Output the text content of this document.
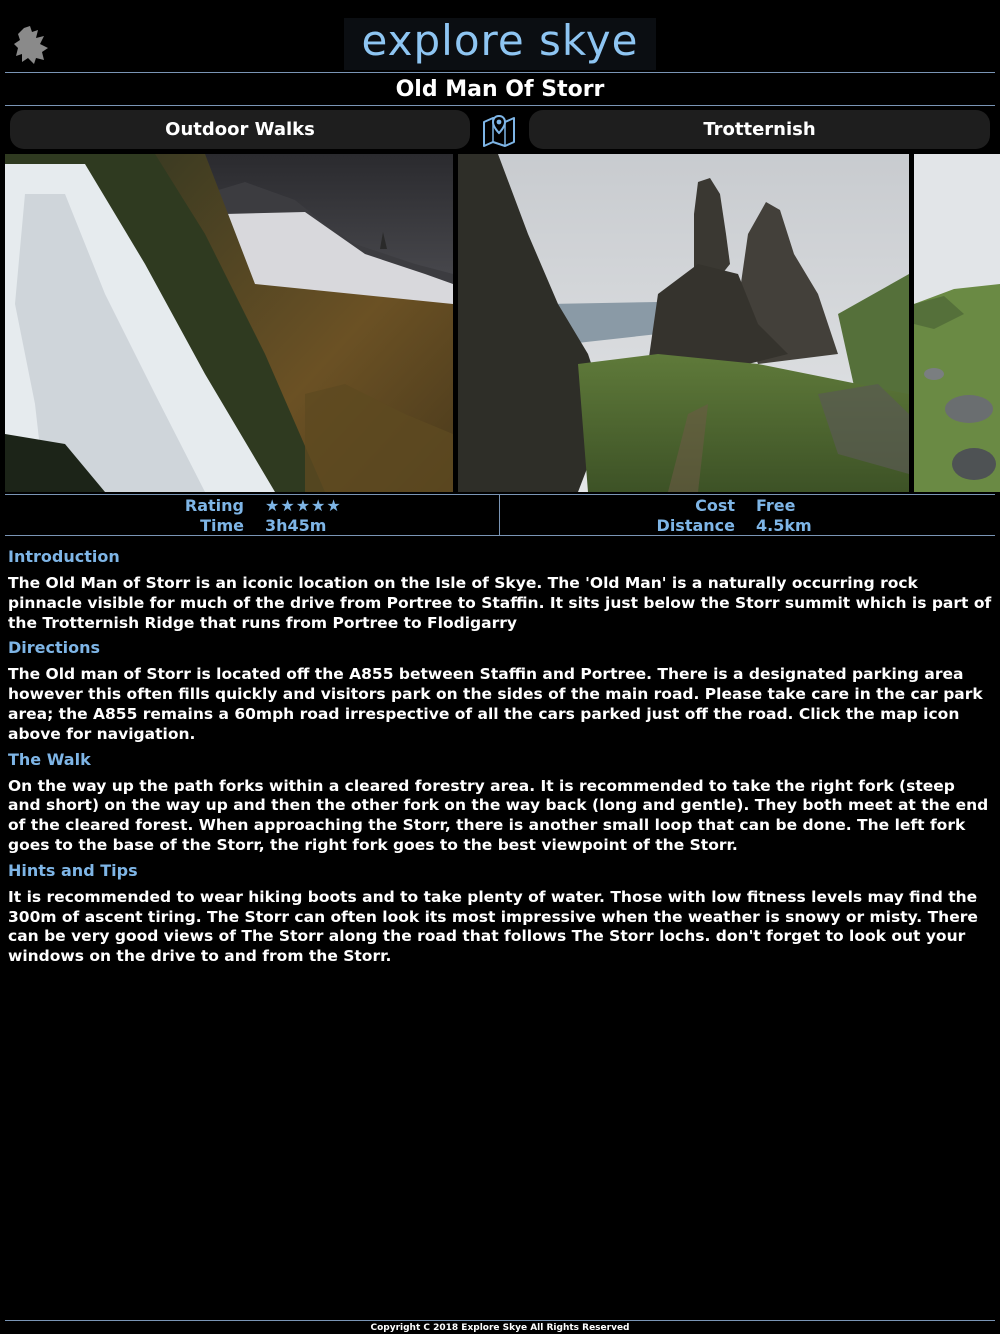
explore skye
Old Man Of Storr
Outdoor Walks	Trotternish
Rating ★★★★★
Time 3h45m
Cost Free
Distance 4.5km
Introduction
The Old Man of Storr is an iconic location on the Isle of Skye. The 'Old Man' is a naturally occurring rock pinnacle visible for much of the drive from Portree to Staffin. It sits just below the Storr summit which is part of the Trotternish Ridge that runs from Portree to Flodigarry
Directions
The Old man of Storr is located off the A855 between Staffin and Portree. There is a designated parking area however this often fills quickly and visitors park on the sides of the main road. Please take care in the car park area; the A855 remains a 60mph road irrespective of all the cars parked just off the road. Click the map icon above for navigation.
The Walk
On the way up the path forks within a cleared forestry area. It is recommended to take the right fork (steep and short) on the way up and then the other fork on the way back (long and gentle). They both meet at the end of the cleared forest. When approaching the Storr, there is another small loop that can be done. The left fork goes to the base of the Storr, the right fork goes to the best viewpoint of the Storr.
Hints and Tips
It is recommended to wear hiking boots and to take plenty of water. Those with low fitness levels may find the 300m of ascent tiring. The Storr can often look its most impressive when the weather is snowy or misty. There can be very good views of The Storr along the road that follows The Storr lochs. don't forget to look out your windows on the drive to and from the Storr.
Copyright C 2018 Explore Skye All Rights Reserved
